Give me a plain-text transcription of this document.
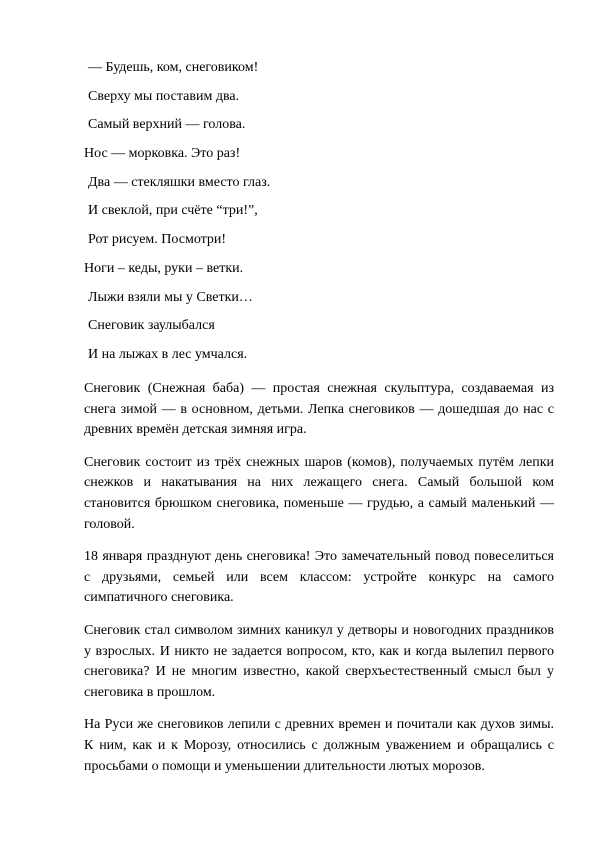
— Будешь, ком, снеговиком!
Сверху мы поставим два.
Самый верхний — голова.
Нос — морковка. Это раз!
Два — стекляшки вместо глаз.
И свеклой, при счёте “три!”,
Рот рисуем. Посмотри!
Ноги – кеды, руки – ветки.
Лыжи взяли мы у Светки…
Снеговик заулыбался
И на лыжах в лес умчался.

Снеговик (Снежная баба) — простая снежная скульптура, создаваемая из снега зимой — в основном, детьми. Лепка снеговиков — дошедшая до нас с древних времён детская зимняя игра.

Снеговик состоит из трёх снежных шаров (комов), получаемых путём лепки снежков и накатывания на них лежащего снега. Самый большой ком становится брюшком снеговика, поменьше — грудью, а самый маленький — головой.

18 января празднуют день снеговика! Это замечательный повод повеселиться с друзьями, семьей или всем классом: устройте конкурс на самого симпатичного снеговика.

Снеговик стал символом зимних каникул у детворы и новогодних праздников у взрослых. И никто не задается вопросом, кто, как и когда вылепил первого снеговика? И не многим известно, какой сверхъестественный смысл был у снеговика в прошлом.

На Руси же снеговиков лепили с древних времен и почитали как духов зимы. К ним, как и к Морозу, относились с должным уважением и обращались с просьбами о помощи и уменьшении длительности лютых морозов.
